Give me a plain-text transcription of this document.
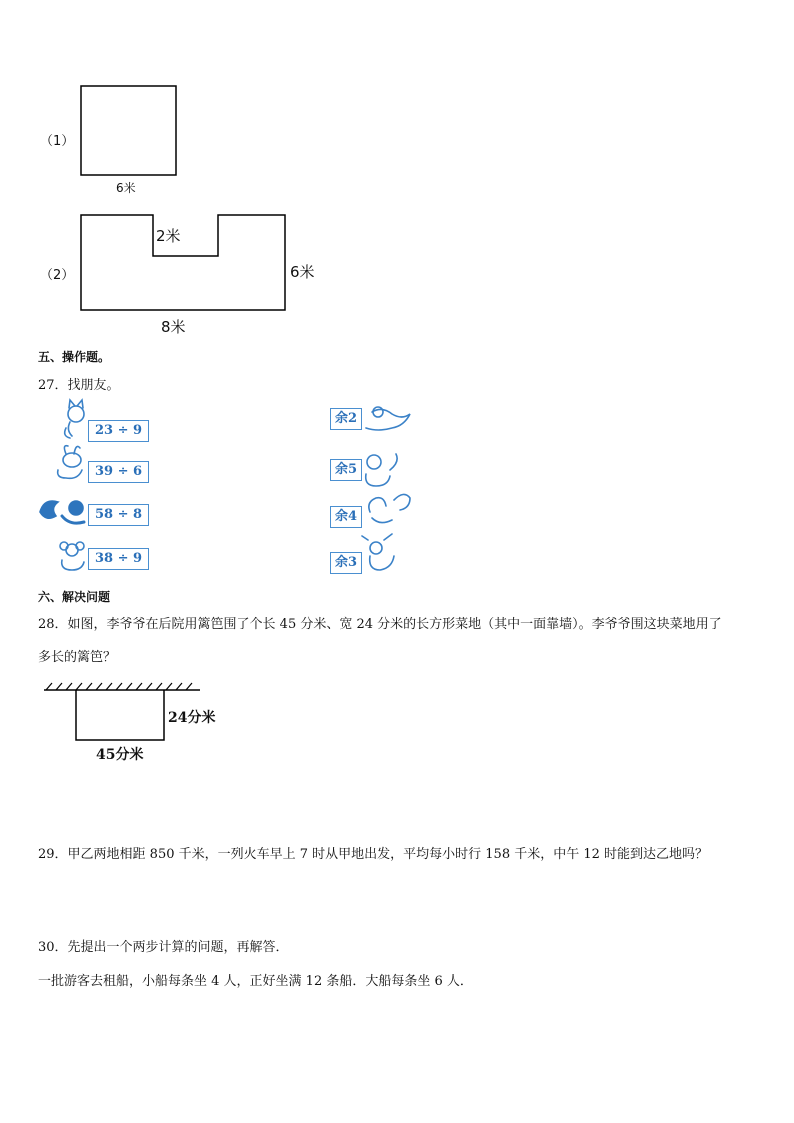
（1）
6米
（2）
2米
6米
8米
五、操作题。
27．找朋友。
23 ÷ 9
39 ÷ 6
58 ÷ 8
38 ÷ 9
余2
余5
余4
余3
六、解决问题
28．如图，李爷爷在后院用篱笆围了个长 45 分米、宽 24 分米的长方形菜地（其中一面靠墙）。李爷爷围这块菜地用了
多长的篱笆？
24分米
45分米
29．甲乙两地相距 850 千米，一列火车早上 7 时从甲地出发，平均每小时行 158 千米，中午 12 时能到达乙地吗？
30．先提出一个两步计算的问题，再解答．
一批游客去租船，小船每条坐 4 人，正好坐满 12 条船．大船每条坐 6 人．
